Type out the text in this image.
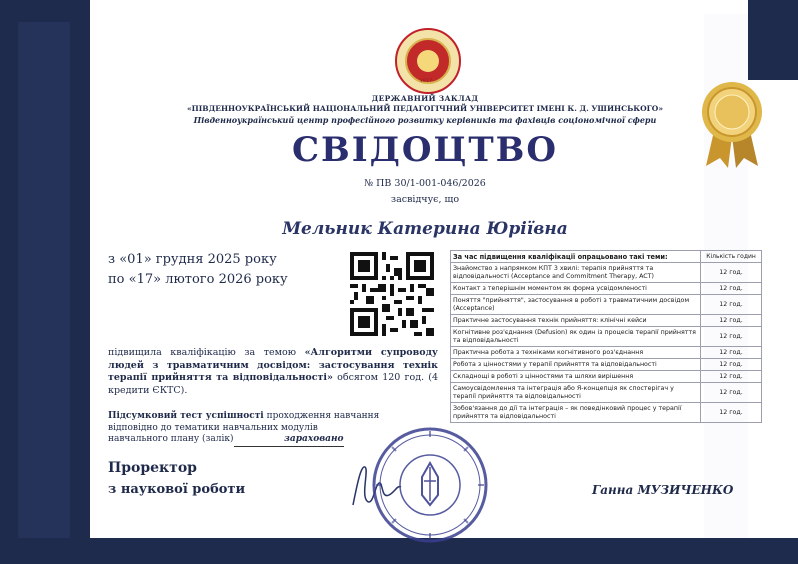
ДЕРЖАВНИЙ ЗАКЛАД
«ПІВДЕННОУКРАЇНСЬКИЙ НАЦІОНАЛЬНИЙ ПЕДАГОГІЧНИЙ УНІВЕРСИТЕТ ІМЕНІ К. Д. УШИНСЬКОГО»
Південноукраїнський центр професійного розвитку керівників та фахівців соціономічної сфери
СВІДОЦТВО
№ ПВ 30/1-001-046/2026
засвідчує, що
Мельник Катерина Юріївна
з «01» грудня 2025 року
по «17» лютого 2026 року
підвищила кваліфікацію за темою «Алгоритми супроводу людей з травматичним досвідом: застосування технік терапії прийняття та відповідальності» обсягом 120 год. (4 кредити ЄКТС).
Підсумковий тест успішності проходження навчання відповідно до тематики навчальних модулів
навчального плану (залік)	зараховано
Проректор
з наукової роботи	Ганна МУЗИЧЕНКО
За час підвищення кваліфікації опрацьовано такі теми:	Кількість годин
Знайомство з напрямком КПТ 3 хвилі: терапія прийняття та відповідальності (Acceptance and Commitment Therapy, ACT)	12 год.
Контакт з теперішнім моментом як форма усвідомленості	12 год.
Поняття "прийняття", застосування в роботі з травматичним досвідом (Acceptance)	12 год.
Практичне застосування технік прийняття: клінічні кейси	12 год.
Когнітивне роз'єднання (Defusion) як один із процесів терапії прийняття та відповідальності	12 год.
Практична робота з техніками когнітивного роз'єднання	12 год.
Робота з цінностями у терапії прийняття та відповідальності	12 год.
Складнощі в роботі з цінностями та шляхи вирішення	12 год.
Самоусвідомлення та інтеграція або Я-концепція як спостерігач у терапії прийняття та відповідальності	12 год.
Зобов'язання до дії та інтеграція – як поведінковий процес у терапії прийняття та відповідальності	12 год.
1817
